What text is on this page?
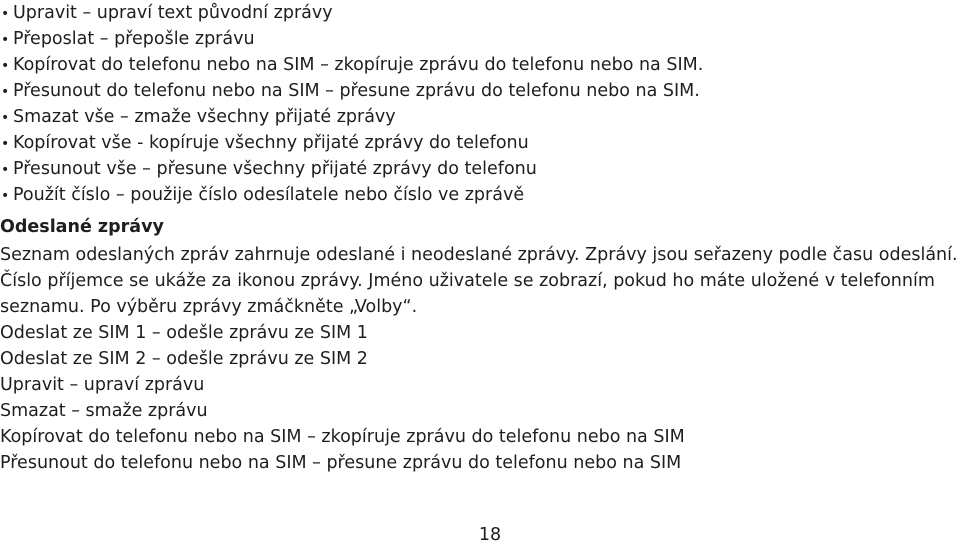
• Upravit – upraví text původní zprávy
• Přeposlat – přepošle zprávu
• Kopírovat do telefonu nebo na SIM – zkopíruje zprávu do telefonu nebo na SIM.
• Přesunout do telefonu nebo na SIM – přesune zprávu do telefonu nebo na SIM.
• Smazat vše – zmaže všechny přijaté zprávy
• Kopírovat vše - kopíruje všechny přijaté zprávy do telefonu
• Přesunout vše – přesune všechny přijaté zprávy do telefonu
• Použít číslo – použije číslo odesílatele nebo číslo ve zprávě
Odeslané zprávy

Seznam odeslaných zpráv zahrnuje odeslané i neodeslané zprávy. Zprávy jsou seřazeny podle času odeslání. Číslo příjemce se ukáže za ikonou zprávy. Jméno uživatele se zobrazí, pokud ho máte uložené v telefonním seznamu. Po výběru zprávy zmáčkněte „Volby“.

Odeslat ze SIM 1 – odešle zprávu ze SIM 1
Odeslat ze SIM 2 – odešle zprávu ze SIM 2
Upravit – upraví zprávu
Smazat – smaže zprávu
Kopírovat do telefonu nebo na SIM – zkopíruje zprávu do telefonu nebo na SIM
Přesunout do telefonu nebo na SIM – přesune zprávu do telefonu nebo na SIM
18
